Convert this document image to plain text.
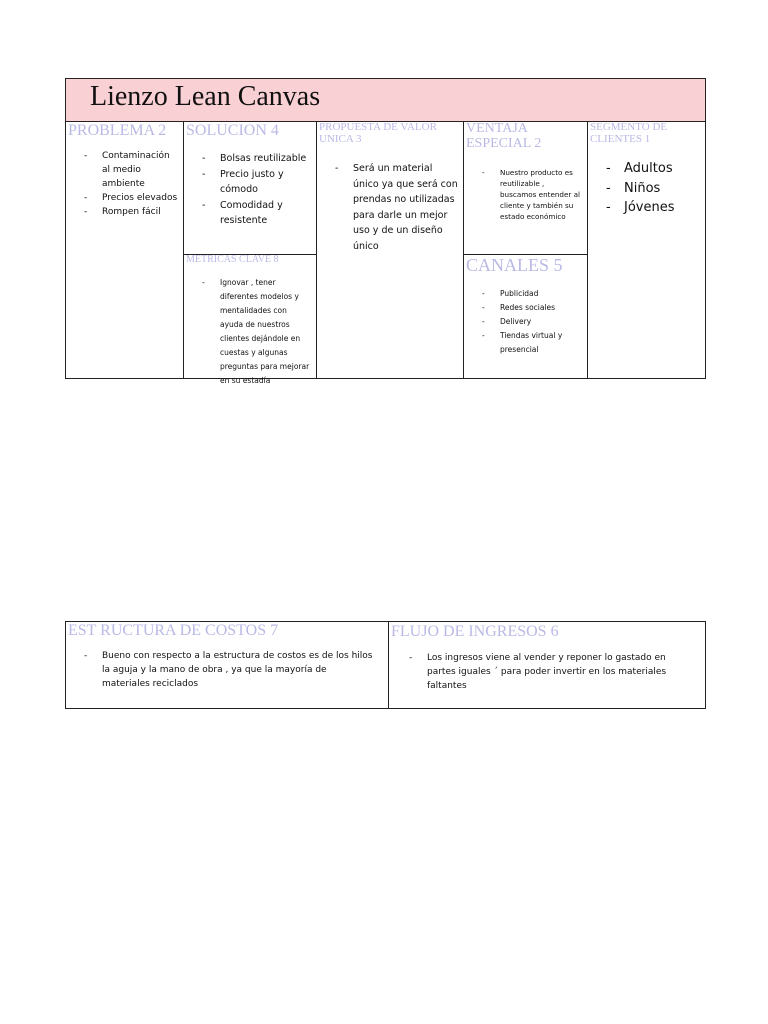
Lienzo Lean Canvas
PROBLEMA 2
- Contaminación al medio ambiente
- Precios elevados
- Rompen fácil
SOLUCION 4
- Bolsas reutilizable
- Precio justo y cómodo
- Comodidad y resistente
METRICAS CLAVE 8
- Ignovar , tener diferentes modelos y mentalidades con ayuda de nuestros clientes dejándole en cuestas y algunas preguntas para mejorar en su estadía
PROPUESTA DE VALOR UNICA 3
- Será un material único ya que será con prendas no utilizadas para darle un mejor uso y de un diseño único
VENTAJA ESPECIAL 2
- Nuestro producto es reutilizable , buscamos entender al cliente y también su estado económico
CANALES 5
- Publicidad
- Redes sociales
- Delivery
- Tiendas virtual y presencial
SEGMENTO DE CLIENTES 1
- Adultos
- Niños
- Jóvenes
EST RUCTURA DE COSTOS 7
- Bueno con respecto a la estructura de costos es de los hilos la aguja y la mano de obra , ya que la mayoría de materiales reciclados
FLUJO DE INGRESOS 6
- Los ingresos viene al vender y reponer lo gastado en partes iguales ´ para poder invertir en los materiales faltantes
